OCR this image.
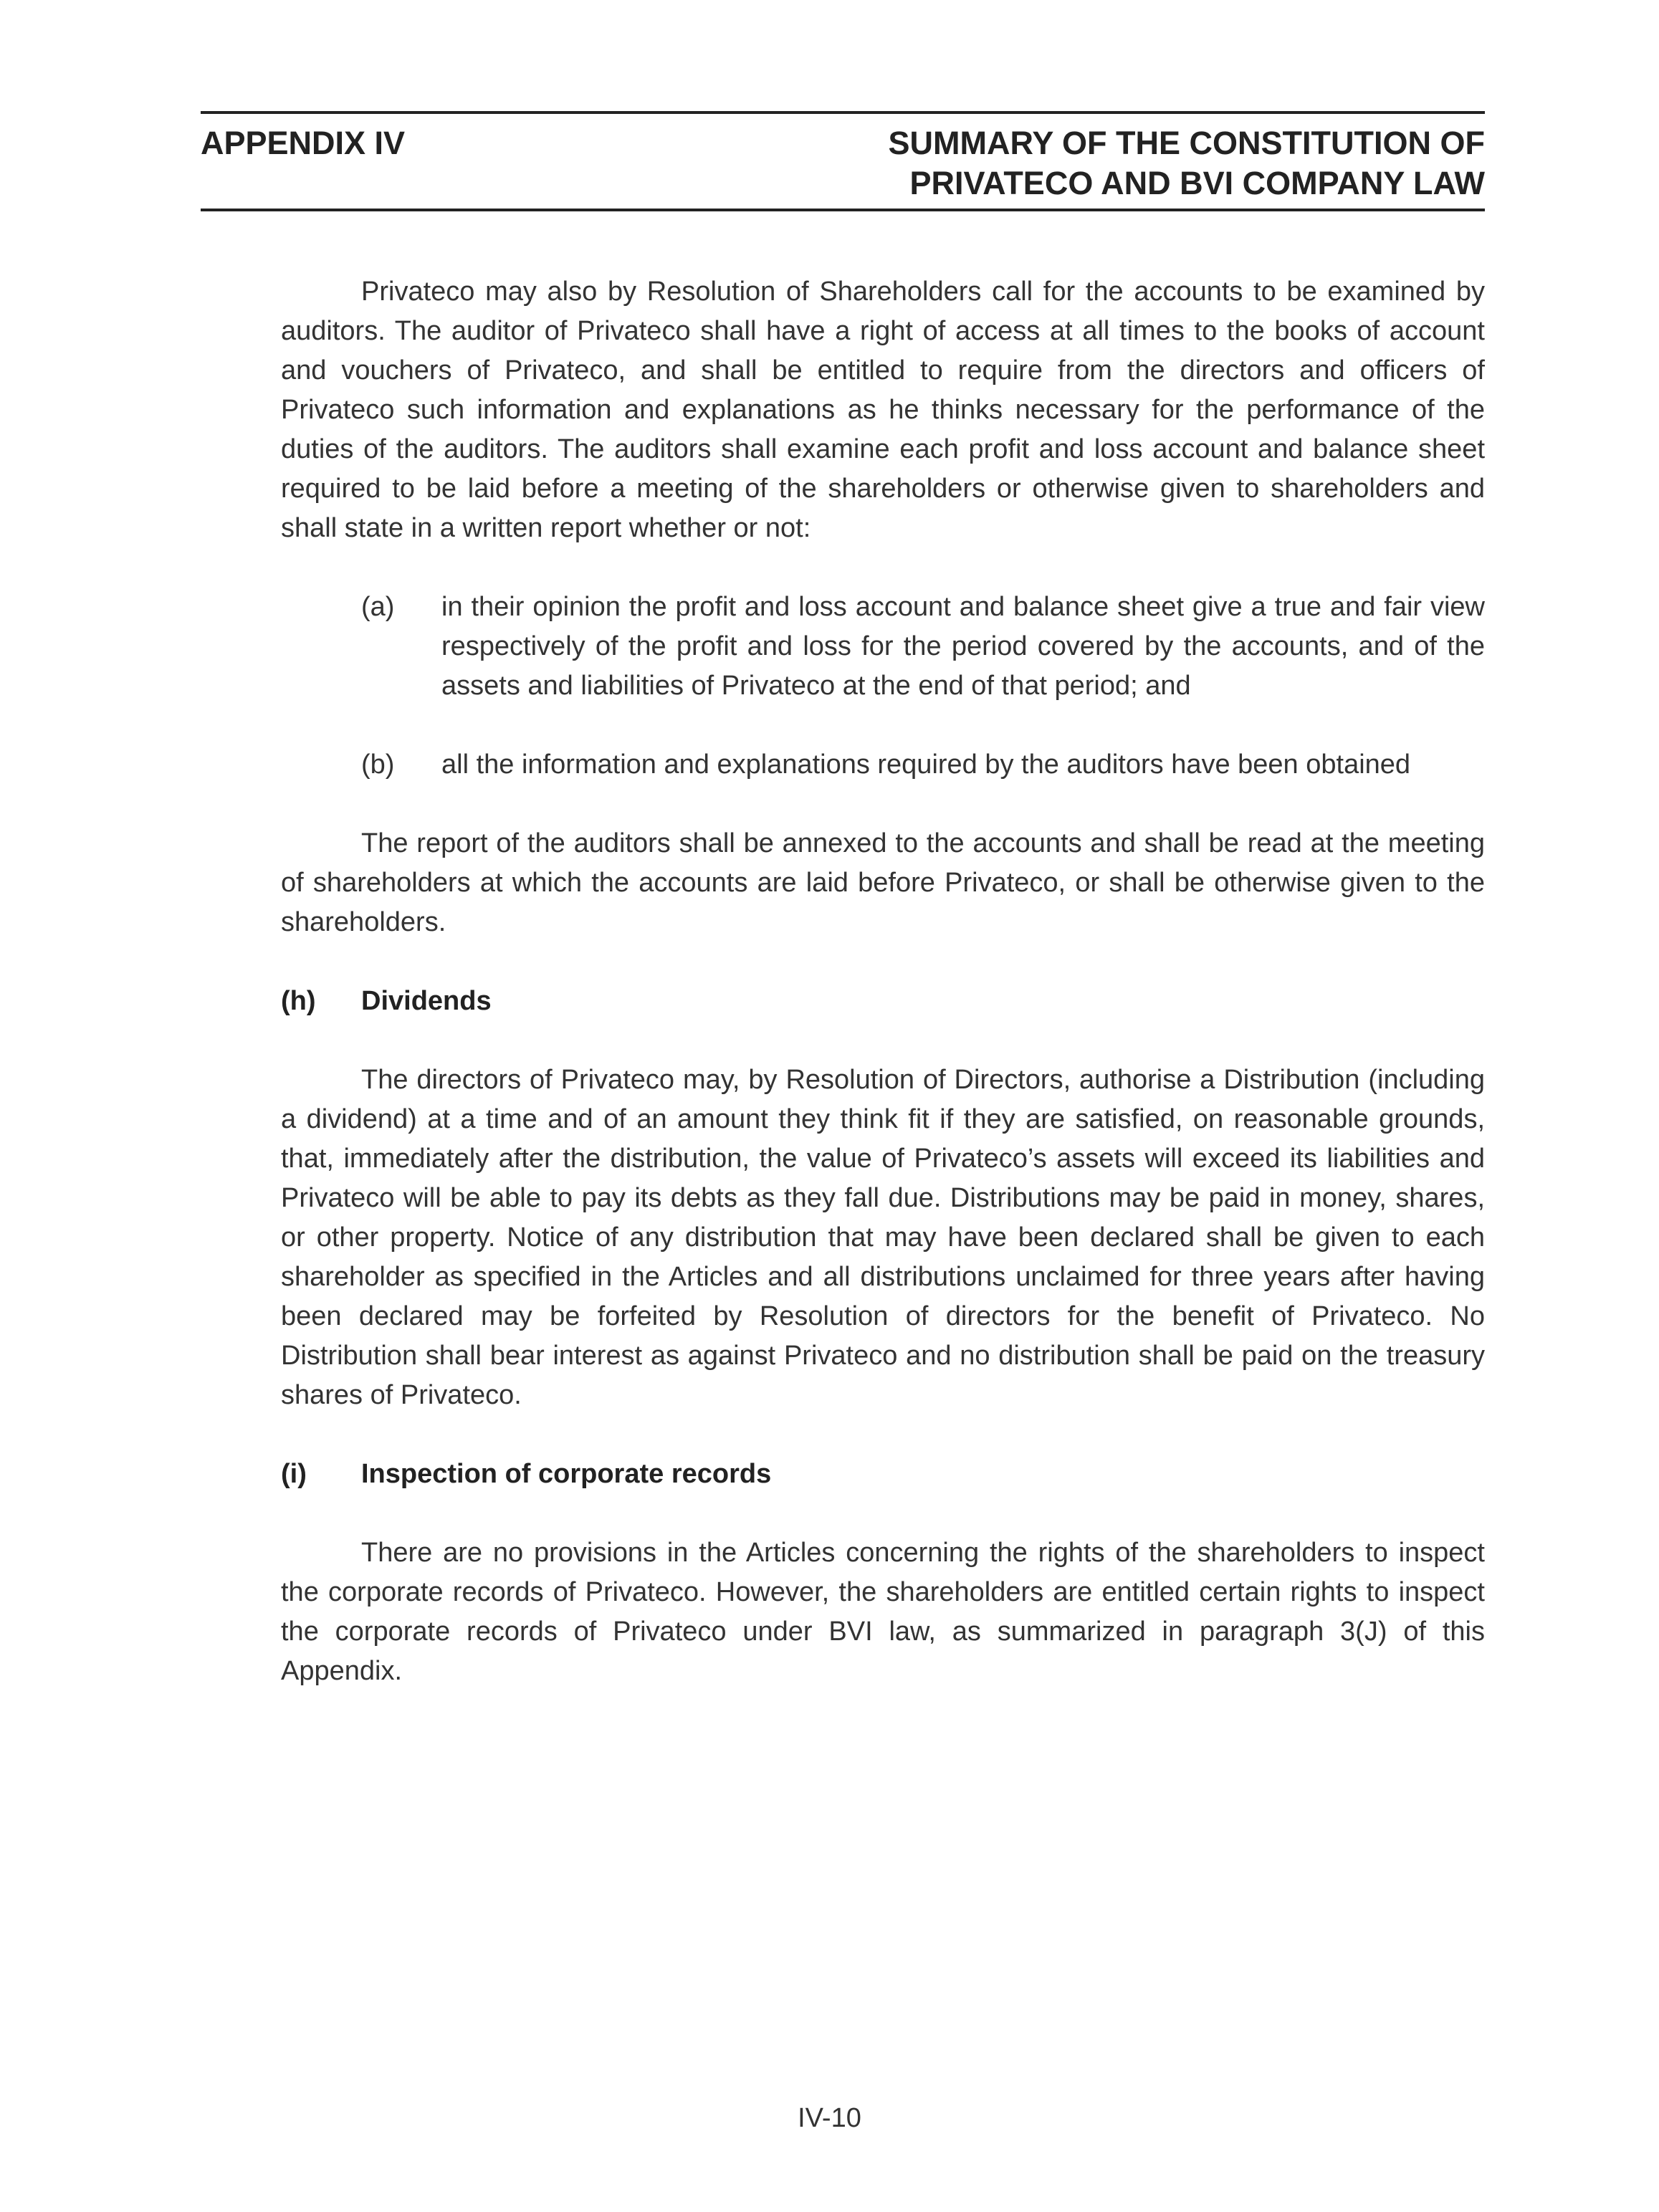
APPENDIX IV	SUMMARY OF THE CONSTITUTION OF
PRIVATECO AND BVI COMPANY LAW

Privateco may also by Resolution of Shareholders call for the accounts to be examined by auditors. The auditor of Privateco shall have a right of access at all times to the books of account and vouchers of Privateco, and shall be entitled to require from the directors and officers of Privateco such information and explanations as he thinks necessary for the performance of the duties of the auditors. The auditors shall examine each profit and loss account and balance sheet required to be laid before a meeting of the shareholders or otherwise given to shareholders and shall state in a written report whether or not:

(a) in their opinion the profit and loss account and balance sheet give a true and fair view respectively of the profit and loss for the period covered by the accounts, and of the assets and liabilities of Privateco at the end of that period; and
(b) all the information and explanations required by the auditors have been obtained

The report of the auditors shall be annexed to the accounts and shall be read at the meeting of shareholders at which the accounts are laid before Privateco, or shall be otherwise given to the shareholders.

(h) Dividends

The directors of Privateco may, by Resolution of Directors, authorise a Distribution (including a dividend) at a time and of an amount they think fit if they are satisfied, on reasonable grounds, that, immediately after the distribution, the value of Privateco’s assets will exceed its liabilities and Privateco will be able to pay its debts as they fall due. Distributions may be paid in money, shares, or other property. Notice of any distribution that may have been declared shall be given to each shareholder as specified in the Articles and all distributions unclaimed for three years after having been declared may be forfeited by Resolution of directors for the benefit of Privateco. No Distribution shall bear interest as against Privateco and no distribution shall be paid on the treasury shares of Privateco.

(i) Inspection of corporate records

There are no provisions in the Articles concerning the rights of the shareholders to inspect the corporate records of Privateco. However, the shareholders are entitled certain rights to inspect the corporate records of Privateco under BVI law, as summarized in paragraph 3(J) of this Appendix.

IV-10
